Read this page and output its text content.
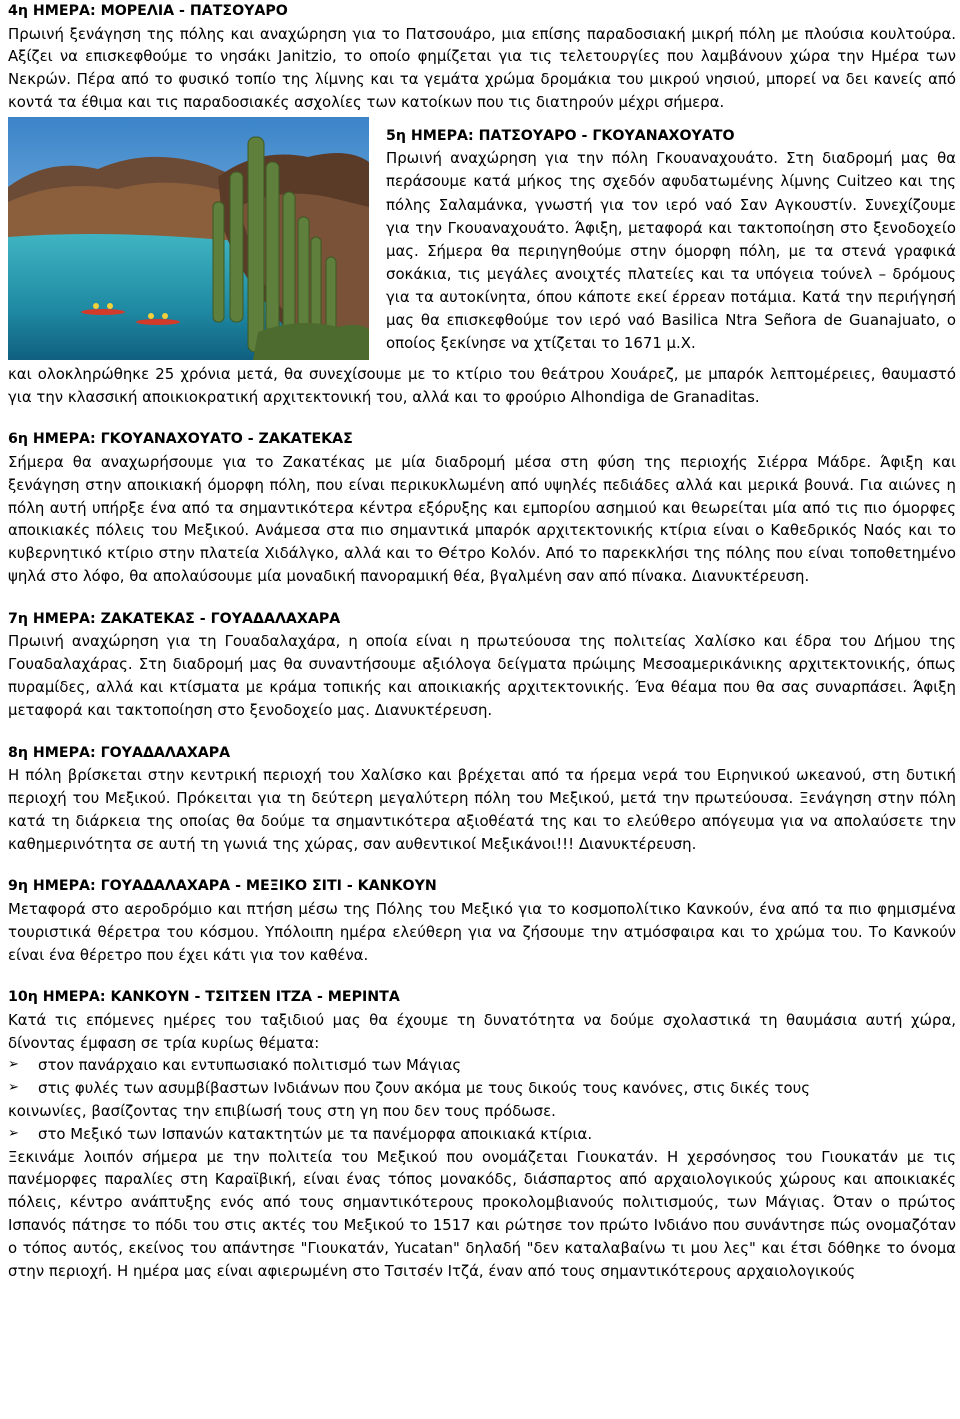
4η ΗΜΕΡΑ: ΜΟΡΕΛΙΑ - ΠΑΤΣΟΥΑΡΟ

Πρωινή ξενάγηση της πόλης και αναχώρηση για το Πατσουάρο, μια επίσης παραδοσιακή μικρή πόλη με πλούσια κουλτούρα. Αξίζει να επισκεφθούμε το νησάκι Janitzio, το οποίο φημίζεται για τις τελετουργίες που λαμβάνουν χώρα την Ημέρα των Νεκρών. Πέρα από το φυσικό τοπίο της λίμνης και τα γεμάτα χρώμα δρομάκια του μικρού νησιού, μπορεί να δει κανείς από κοντά τα έθιμα και τις παραδοσιακές ασχολίες των κατοίκων που τις διατηρούν μέχρι σήμερα.

5η ΗΜΕΡΑ: ΠΑΤΣΟΥΑΡΟ - ΓΚΟΥΑΝΑΧΟΥΑΤΟ

Πρωινή αναχώρηση για την πόλη Γκουαναχουάτο. Στη διαδρομή μας θα περάσουμε κατά μήκος της σχεδόν αφυδατωμένης λίμνης Cuitzeo και της πόλης Σαλαμάνκα, γνωστή για τον ιερό ναό Σαν Αγκουστίν. Συνεχίζουμε για την Γκουαναχουάτο. Άφιξη, μεταφορά και τακτοποίηση στο ξενοδοχείο μας. Σήμερα θα περιηγηθούμε στην όμορφη πόλη, με τα στενά γραφικά σοκάκια, τις μεγάλες ανοιχτές πλατείες και τα υπόγεια τούνελ – δρόμους για τα αυτοκίνητα, όπου κάποτε εκεί έρρεαν ποτάμια. Κατά την περιήγησή μας θα επισκεφθούμε τον ιερό ναό Basilica Ntra Señora de Guanajuato, ο οποίος ξεκίνησε να χτίζεται το 1671 μ.Χ.

και ολοκληρώθηκε 25 χρόνια μετά, θα συνεχίσουμε με το κτίριο του θεάτρου Χουάρεζ, με μπαρόκ λεπτομέρειες, θαυμαστό για την κλασσική αποικιοκρατική αρχιτεκτονική του, αλλά και το φρούριο Alhondiga de Granaditas.

6η ΗΜΕΡΑ: ΓΚΟΥΑΝΑΧΟΥΑΤΟ - ΖΑΚΑΤΕΚΑΣ

Σήμερα θα αναχωρήσουμε για το Ζακατέκας με μία διαδρομή μέσα στη φύση της περιοχής Σιέρρα Μάδρε. Άφιξη και ξενάγηση στην αποικιακή όμορφη πόλη, που είναι περικυκλωμένη από υψηλές πεδιάδες αλλά και μερικά βουνά. Για αιώνες η πόλη αυτή υπήρξε ένα από τα σημαντικότερα κέντρα εξόρυξης και εμπορίου ασημιού και θεωρείται μία από τις πιο όμορφες αποικιακές πόλεις του Μεξικού. Ανάμεσα στα πιο σημαντικά μπαρόκ αρχιτεκτονικής κτίρια είναι ο Καθεδρικός Ναός και το κυβερνητικό κτίριο στην πλατεία Χιδάλγκο, αλλά και το Θέτρο Κολόν. Από το παρεκκλήσι της πόλης που είναι τοποθετημένο ψηλά στο λόφο, θα απολαύσουμε μία μοναδική πανοραμική θέα, βγαλμένη σαν από πίνακα. Διανυκτέρευση.

7η ΗΜΕΡΑ: ΖΑΚΑΤΕΚΑΣ - ΓΟΥΑΔΑΛΑΧΑΡΑ

Πρωινή αναχώρηση για τη Γουαδαλαχάρα, η οποία είναι η πρωτεύουσα της πολιτείας Χαλίσκο και έδρα του Δήμου της Γουαδαλαχάρας. Στη διαδρομή μας θα συναντήσουμε αξιόλογα δείγματα πρώιμης Μεσοαμερικάνικης αρχιτεκτονικής, όπως πυραμίδες, αλλά και κτίσματα με κράμα τοπικής και αποικιακής αρχιτεκτονικής. Ένα θέαμα που θα σας συναρπάσει. Άφιξη μεταφορά και τακτοποίηση στο ξενοδοχείο μας. Διανυκτέρευση.

8η ΗΜΕΡΑ: ΓΟΥΑΔΑΛΑΧΑΡΑ

Η πόλη βρίσκεται στην κεντρική περιοχή του Χαλίσκο και βρέχεται από τα ήρεμα νερά του Ειρηνικού ωκεανού, στη δυτική περιοχή του Μεξικού. Πρόκειται για τη δεύτερη μεγαλύτερη πόλη του Μεξικού, μετά την πρωτεύουσα. Ξενάγηση στην πόλη κατά τη διάρκεια της οποίας θα δούμε τα σημαντικότερα αξιοθέατά της και το ελεύθερο απόγευμα για να απολαύσετε την καθημερινότητα σε αυτή τη γωνιά της χώρας, σαν αυθεντικοί Μεξικάνοι!!! Διανυκτέρευση.

9η ΗΜΕΡΑ: ΓΟΥΑΔΑΛΑΧΑΡΑ - ΜΕΞΙΚΟ ΣΙΤΙ - ΚΑΝΚΟΥΝ

Μεταφορά στο αεροδρόμιο και πτήση μέσω της Πόλης του Μεξικό για το κοσμοπολίτικο Κανκούν, ένα από τα πιο φημισμένα τουριστικά θέρετρα του κόσμου. Υπόλοιπη ημέρα ελεύθερη για να ζήσουμε την ατμόσφαιρα και το χρώμα του. Το Κανκούν είναι ένα θέρετρο που έχει κάτι για τον καθένα.

10η ΗΜΕΡΑ: ΚΑΝΚΟΥΝ - ΤΣΙΤΣΕΝ ΙΤΖΑ - ΜΕΡΙΝΤΑ

Κατά τις επόμενες ημέρες του ταξιδιού μας θα έχουμε τη δυνατότητα να δούμε σχολαστικά τη θαυμάσια αυτή χώρα, δίνοντας έμφαση σε τρία κυρίως θέματα:

➢	στον πανάρχαιο και εντυπωσιακό πολιτισμό των Μάγιας
➢	στις φυλές των ασυμβίβαστων Ινδιάνων που ζουν ακόμα με τους δικούς τους κανόνες, στις δικές τους
κοινωνίες, βασίζοντας την επιβίωσή τους στη γη που δεν τους πρόδωσε.
➢	στο Μεξικό των Ισπανών κατακτητών με τα πανέμορφα αποικιακά κτίρια.

Ξεκινάμε λοιπόν σήμερα με την πολιτεία του Μεξικού που ονομάζεται Γιουκατάν. Η χερσόνησος του Γιουκατάν με τις πανέμορφες παραλίες στη Καραϊβική, είναι ένας τόπος μονακόδς, διάσπαρτος από αρχαιολογικούς χώρους και αποικιακές πόλεις, κέντρο ανάπτυξης ενός από τους σημαντικότερους προκολομβιανούς πολιτισμούς, των Μάγιας. Όταν ο πρώτος Ισπανός πάτησε το πόδι του στις ακτές του Μεξικού το 1517 και ρώτησε τον πρώτο Ινδιάνο που συνάντησε πώς ονομαζόταν ο τόπος αυτός, εκείνος του απάντησε "Γιουκατάν, Yucatan" δηλαδή "δεν καταλαβαίνω τι μου λες" και έτσι δόθηκε το όνομα στην περιοχή. Η ημέρα μας είναι αφιερωμένη στο Τσιτσέν Ιτζά, έναν από τους σημαντικότερους αρχαιολογικούς
